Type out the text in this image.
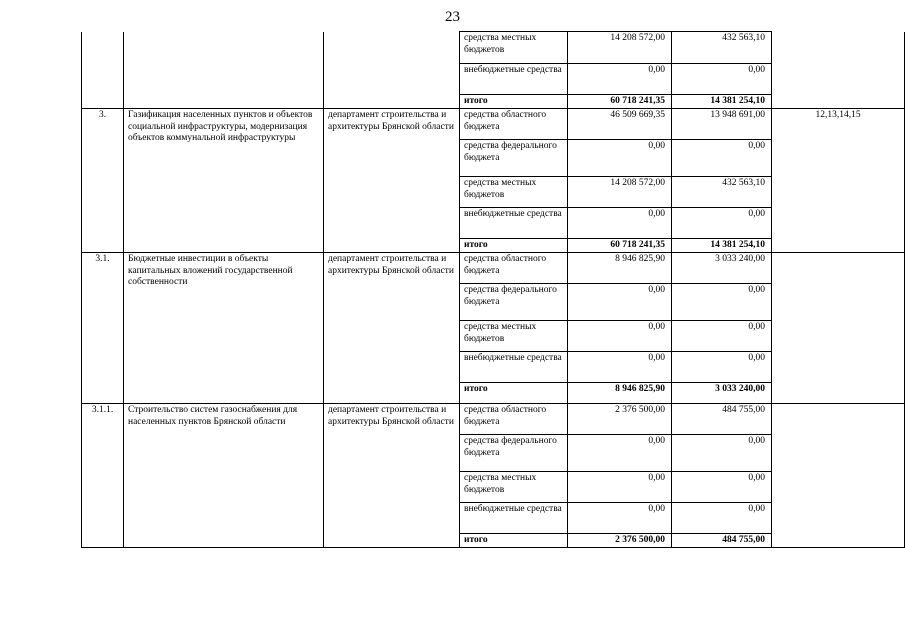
23
			средства местных бюджетов	14 208 572,00	432 563,10	
			внебюджетные средства	0,00	0,00	
			итого	60 718 241,35	14 381 254,10	
3.	Газификация населенных пунктов и объектов социальной инфраструктуры, модернизация объектов коммунальной инфраструктуры	департамент строительства и архитектуры Брянской области	средства областного бюджета	46 509 669,35	13 948 691,00	12,13,14,15
			средства федерального бюджета	0,00	0,00	
			средства местных бюджетов	14 208 572,00	432 563,10	
			внебюджетные средства	0,00	0,00	
			итого	60 718 241,35	14 381 254,10	
3.1.	Бюджетные инвестиции в объекты капитальных вложений государственной собственности	департамент строительства и архитектуры Брянской области	средства областного бюджета	8 946 825,90	3 033 240,00	
			средства федерального бюджета	0,00	0,00	
			средства местных бюджетов	0,00	0,00	
			внебюджетные средства	0,00	0,00	
			итого	8 946 825,90	3 033 240,00	
3.1.1.	Строительство систем газоснабжения для населенных пунктов Брянской области	департамент строительства и архитектуры Брянской области	средства областного бюджета	2 376 500,00	484 755,00	
			средства федерального бюджета	0,00	0,00	
			средства местных бюджетов	0,00	0,00	
			внебюджетные средства	0,00	0,00	
			итого	2 376 500,00	484 755,00	
